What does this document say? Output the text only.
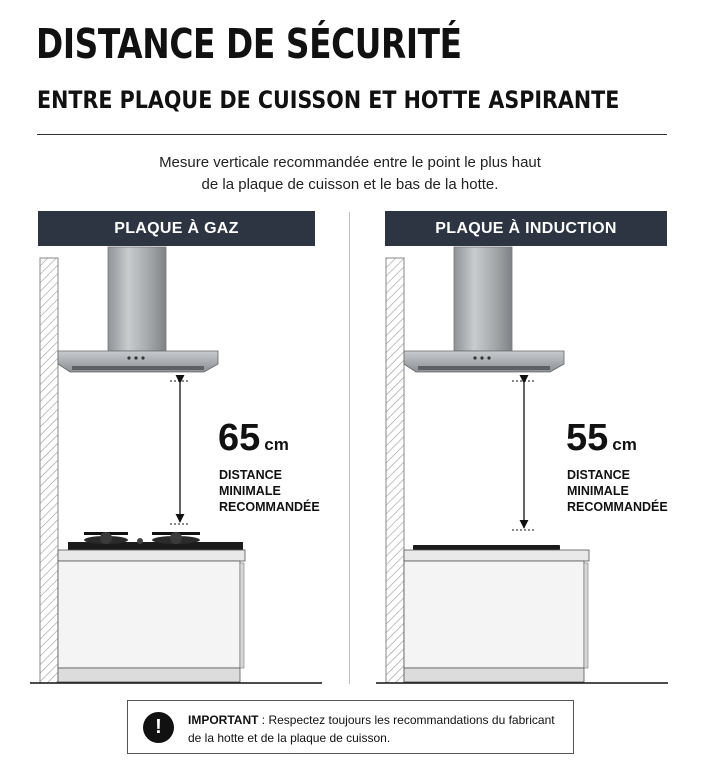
DISTANCE DE SÉCURITÉ
ENTRE PLAQUE DE CUISSON ET HOTTE ASPIRANTE
Mesure verticale recommandée entre le point le plus haut
de la plaque de cuisson et le bas de la hotte.
PLAQUE À GAZ	PLAQUE À INDUCTION
65 cm
DISTANCE
MINIMALE
RECOMMANDÉE
55 cm
DISTANCE
MINIMALE
RECOMMANDÉE
!	IMPORTANT : Respectez toujours les recommandations du fabricant
de la hotte et de la plaque de cuisson.
